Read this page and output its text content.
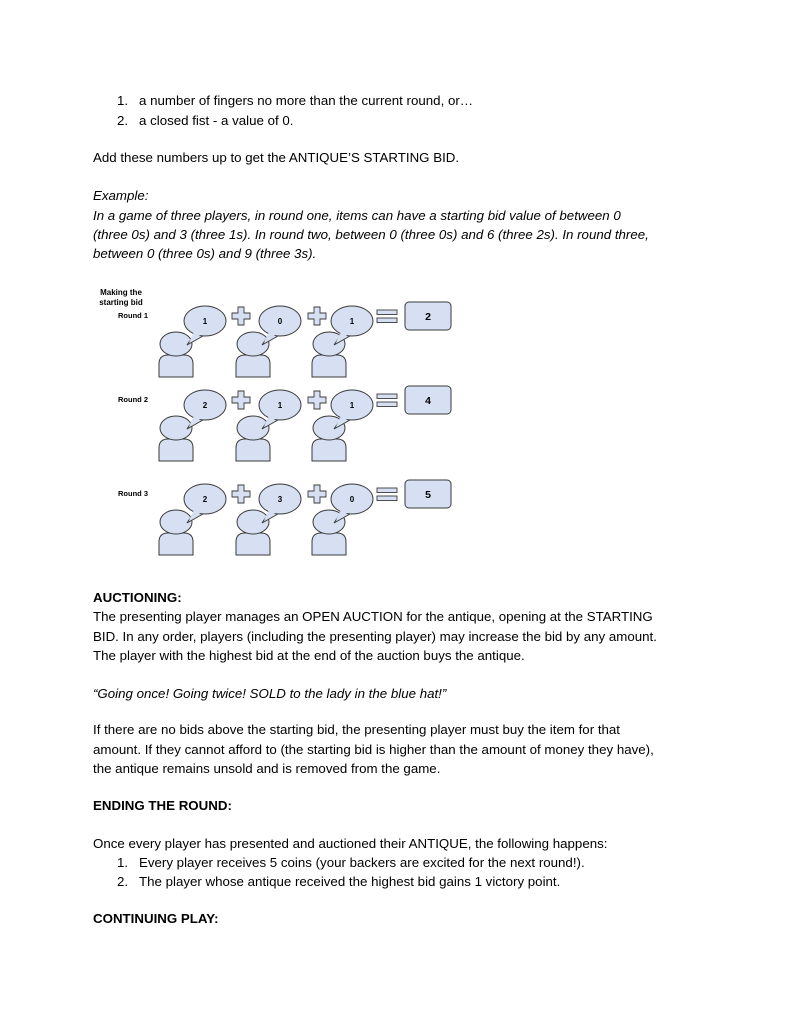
1. a number of fingers no more than the current round, or…
2. a closed fist - a value of 0.
Add these numbers up to get the ANTIQUE’S STARTING BID.
Example:
In a game of three players, in round one, items can have a starting bid value of between 0
(three 0s) and 3 (three 1s). In round two, between 0 (three 0s) and 6 (three 2s). In round three,
between 0 (three 0s) and 9 (three 3s).
Making the
starting bid
Round 1
1	0	1	2
Round 2
2	1	1	4
Round 3
2	3	0	5
AUCTIONING:
The presenting player manages an OPEN AUCTION for the antique, opening at the STARTING
BID. In any order, players (including the presenting player) may increase the bid by any amount.
The player with the highest bid at the end of the auction buys the antique.
“Going once! Going twice! SOLD to the lady in the blue hat!”
If there are no bids above the starting bid, the presenting player must buy the item for that
amount. If they cannot afford to (the starting bid is higher than the amount of money they have),
the antique remains unsold and is removed from the game.
ENDING THE ROUND:
Once every player has presented and auctioned their ANTIQUE, the following happens:
1. Every player receives 5 coins (your backers are excited for the next round!).
2. The player whose antique received the highest bid gains 1 victory point.
CONTINUING PLAY:
